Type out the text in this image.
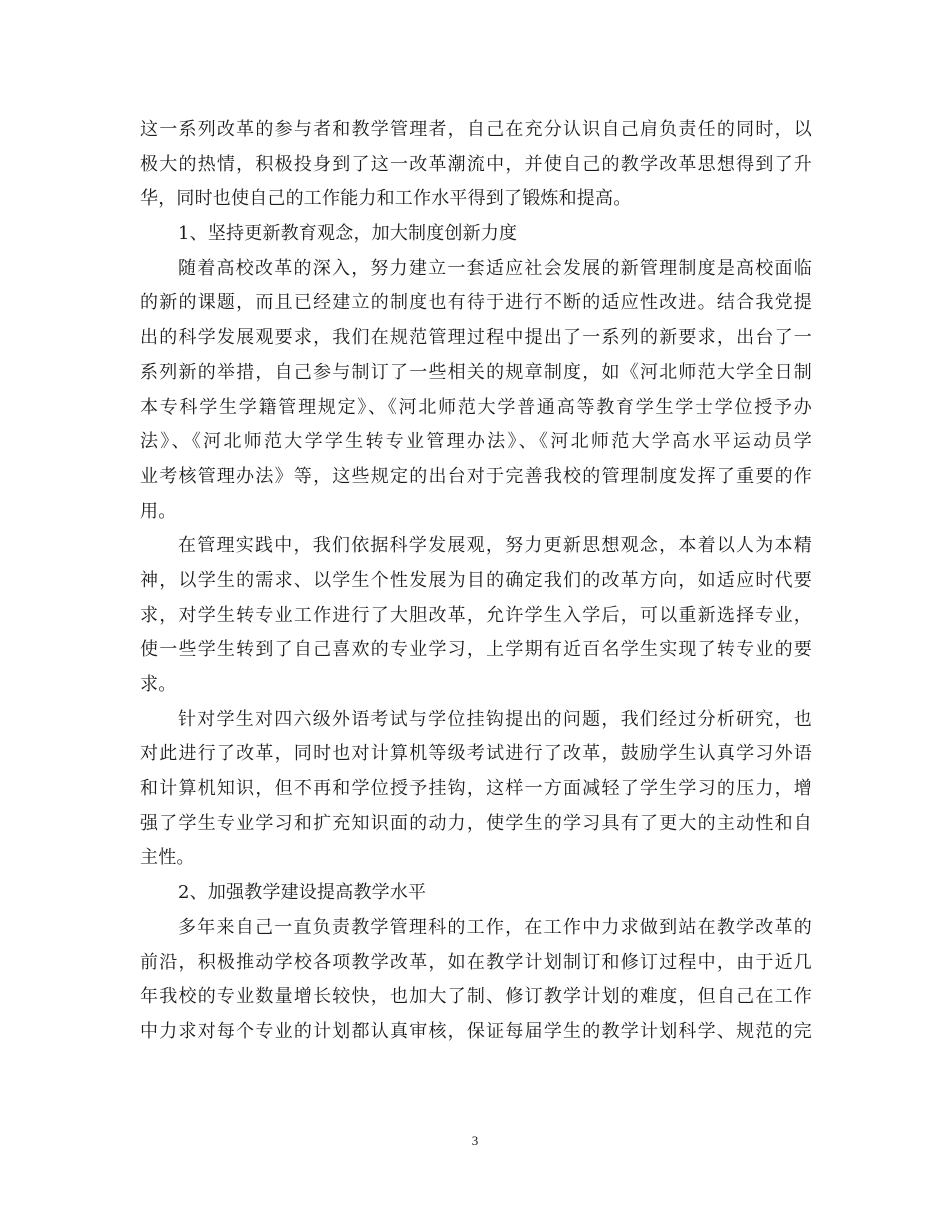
这一系列改革的参与者和教学管理者，自己在充分认识自己肩负责任的同时，以
极大的热情，积极投身到了这一改革潮流中，并使自己的教学改革思想得到了升
华，同时也使自己的工作能力和工作水平得到了锻炼和提高。
1、坚持更新教育观念，加大制度创新力度
随着高校改革的深入，努力建立一套适应社会发展的新管理制度是高校面临
的新的课题，而且已经建立的制度也有待于进行不断的适应性改进。结合我党提
出的科学发展观要求，我们在规范管理过程中提出了一系列的新要求，出台了一
系列新的举措，自己参与制订了一些相关的规章制度，如《河北师范大学全日制
本专科学生学籍管理规定》、《河北师范大学普通高等教育学生学士学位授予办
法》、《河北师范大学学生转专业管理办法》、《河北师范大学高水平运动员学
业考核管理办法》等，这些规定的出台对于完善我校的管理制度发挥了重要的作
用。
在管理实践中，我们依据科学发展观，努力更新思想观念，本着以人为本精
神，以学生的需求、以学生个性发展为目的确定我们的改革方向，如适应时代要
求，对学生转专业工作进行了大胆改革，允许学生入学后，可以重新选择专业，
使一些学生转到了自己喜欢的专业学习，上学期有近百名学生实现了转专业的要
求。
针对学生对四六级外语考试与学位挂钩提出的问题，我们经过分析研究，也
对此进行了改革，同时也对计算机等级考试进行了改革，鼓励学生认真学习外语
和计算机知识，但不再和学位授予挂钩，这样一方面减轻了学生学习的压力，增
强了学生专业学习和扩充知识面的动力，使学生的学习具有了更大的主动性和自
主性。
2、加强教学建设提高教学水平
多年来自己一直负责教学管理科的工作，在工作中力求做到站在教学改革的
前沿，积极推动学校各项教学改革，如在教学计划制订和修订过程中，由于近几
年我校的专业数量增长较快，也加大了制、修订教学计划的难度，但自己在工作
中力求对每个专业的计划都认真审核，保证每届学生的教学计划科学、规范的完
3
